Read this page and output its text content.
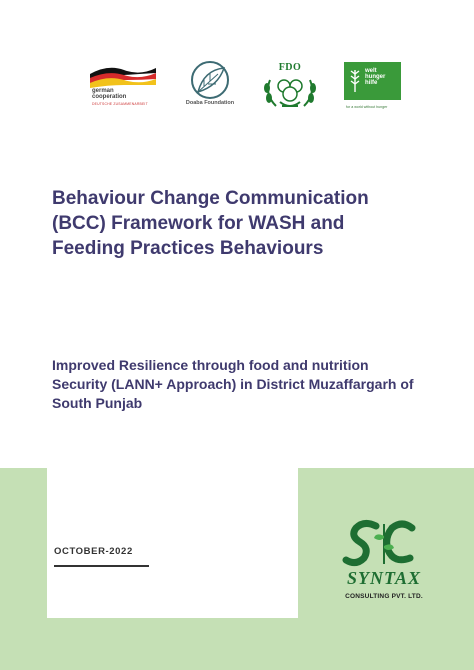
german
cooperation
DEUTSCHE ZUSAMMENARBEIT	Doaba Foundation
FDO	welt
hunger
hilfe
for a world without hunger
Behaviour Change Communication (BCC) Framework for WASH and Feeding Practices Behaviours
Improved Resilience through food and nutrition Security (LANN+ Approach) in District Muzaffargarh of South Punjab
OCTOBER-2022
SYNTAX
CONSULTING PVT. LTD.
